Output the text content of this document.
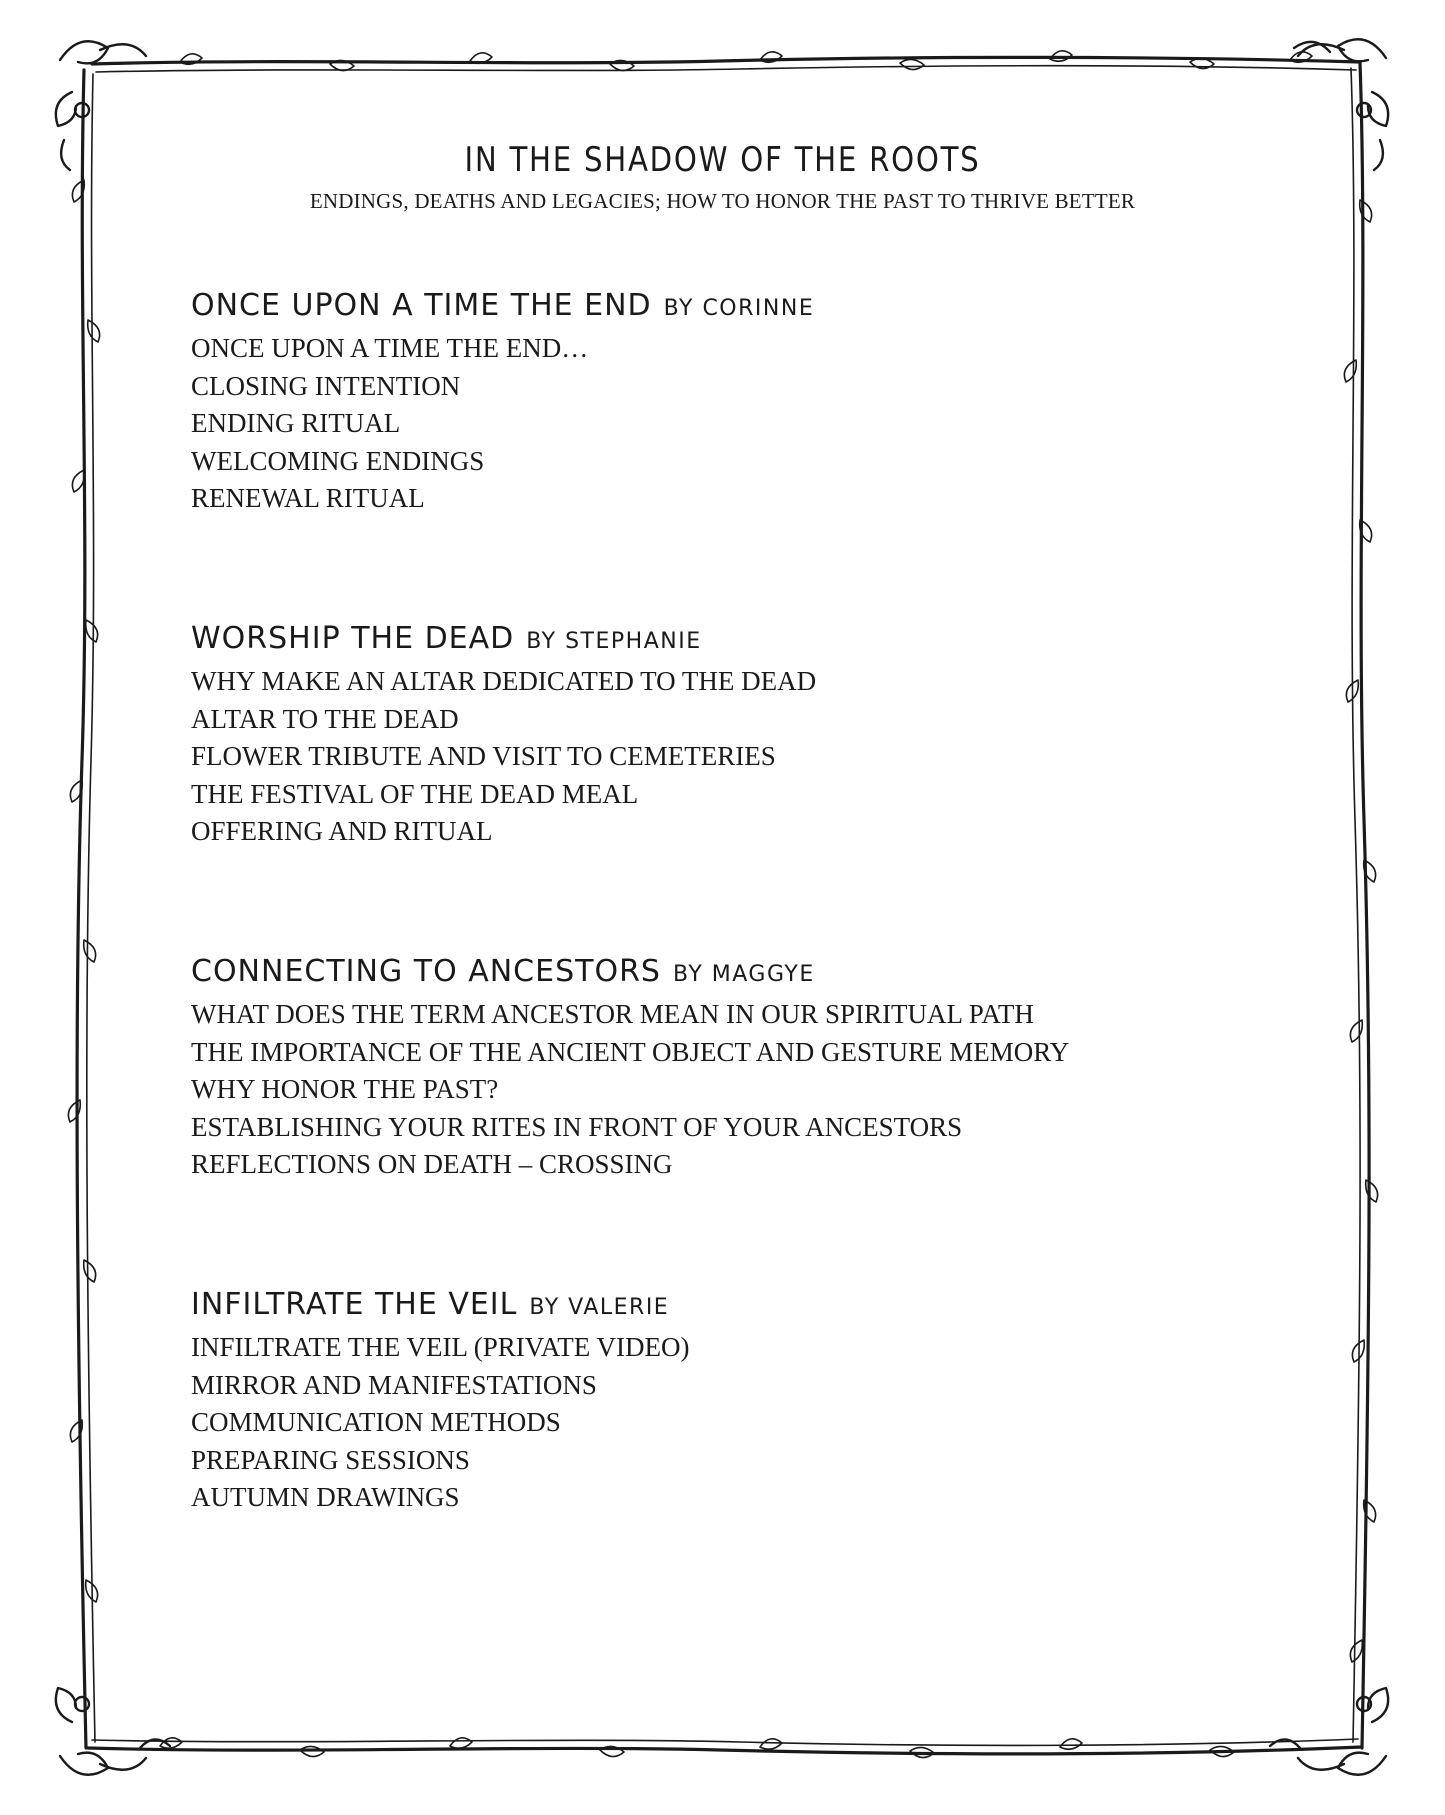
IN THE SHADOW OF THE ROOTS

ENDINGS, DEATHS AND LEGACIES; HOW TO HONOR THE PAST TO THRIVE BETTER

ONCE UPON A TIME THE END BY CORINNE
ONCE UPON A TIME THE END…
CLOSING INTENTION
ENDING RITUAL
WELCOMING ENDINGS
RENEWAL RITUAL
WORSHIP THE DEAD BY STEPHANIE
WHY MAKE AN ALTAR DEDICATED TO THE DEAD
ALTAR TO THE DEAD
FLOWER TRIBUTE AND VISIT TO CEMETERIES
THE FESTIVAL OF THE DEAD MEAL
OFFERING AND RITUAL
CONNECTING TO ANCESTORS BY MAGGYE
WHAT DOES THE TERM ANCESTOR MEAN IN OUR SPIRITUAL PATH
THE IMPORTANCE OF THE ANCIENT OBJECT AND GESTURE MEMORY
WHY HONOR THE PAST?
ESTABLISHING YOUR RITES IN FRONT OF YOUR ANCESTORS
REFLECTIONS ON DEATH – CROSSING
INFILTRATE THE VEIL BY VALERIE
INFILTRATE THE VEIL (PRIVATE VIDEO)
MIRROR AND MANIFESTATIONS
COMMUNICATION METHODS
PREPARING SESSIONS
AUTUMN DRAWINGS
